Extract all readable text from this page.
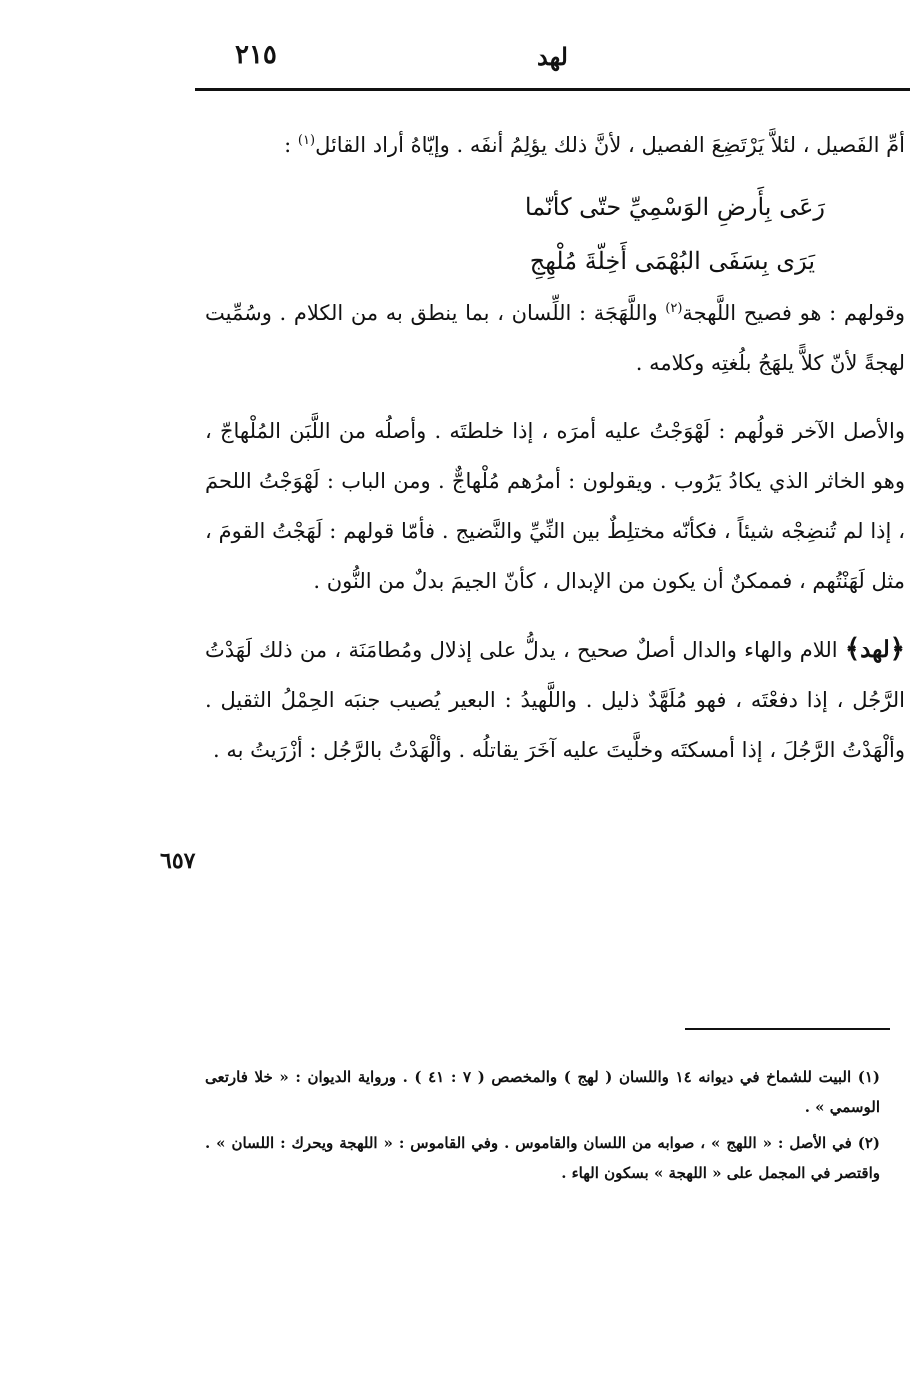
٢١٥	لهد

أمِّ الفَصيل ، لئلاَّ يَرْتَضِعَ الفصيل ، لأنَّ ذلك يؤلِمُ أنفَه . وإيّاهُ أراد القائل$^{(١)}$ :

رَعَى بِأَرضِ الوَسْمِيِّ حتّى كأنّما
يَرَى بِسَفَى البُهْمَى أَخِلّةَ مُلْهِجِ

وقولهم : هو فصيح اللَّهجة$^{(٢)}$ واللَّهَجَة : اللِّسان ، بما ينطق به من الكلام . وسُمِّيت لهجةً لأنّ كلاًّ يلهَجُ بلُغتِه وكلامه .

والأصل الآخر قولُهم : لَهْوَجْتُ عليه أمرَه ، إذا خلطتَه . وأصلُه من اللَّبَن المُلْهاجّ ، وهو الخاثر الذي يكادُ يَرُوب . ويقولون : أمرُهم مُلْهاجٌّ . ومن الباب : لَهْوَجْتُ اللحمَ ، إذا لم تُنضِجْه شيئاً ، فكأنّه مختلِطٌ بين النِّيِّ والنَّضيج . فأمّا قولهم : لَهَجْتُ القومَ ، مثل لَهَنْتُهم ، فممكنٌ أن يكون من الإبدال ، كأنّ الجيمَ بدلٌ من النُّون .

﴿لهد﴾ اللام والهاء والدال أصلٌ صحيح ، يدلُّ على إذلال ومُطامَنَة ، من ذلك لَهَدْتُ الرَّجُل ، إذا دفعْتَه ، فهو مُلَهَّدٌ ذليل . واللَّهيدُ : البعير يُصيب جنبَه الحِمْلُ الثقيل . وألْهَدْتُ الرَّجُلَ ، إذا أمسكتَه وخلَّيتَ عليه آخَرَ يقاتلُه . وألْهَدْتُ بالرَّجُل : أزْرَيتُ به .

٦٥٧

(١) البيت للشماخ في ديوانه ١٤ واللسان ( لهج ) والمخصص ( ٧ : ٤١ ) . ورواية الديوان : « خلا فارتعى الوسمي » .

(٢) في الأصل : « اللهج » ، صوابه من اللسان والقاموس . وفي القاموس : « اللهجة ويحرك : اللسان » . واقتصر في المجمل على « اللهجة » بسكون الهاء .
